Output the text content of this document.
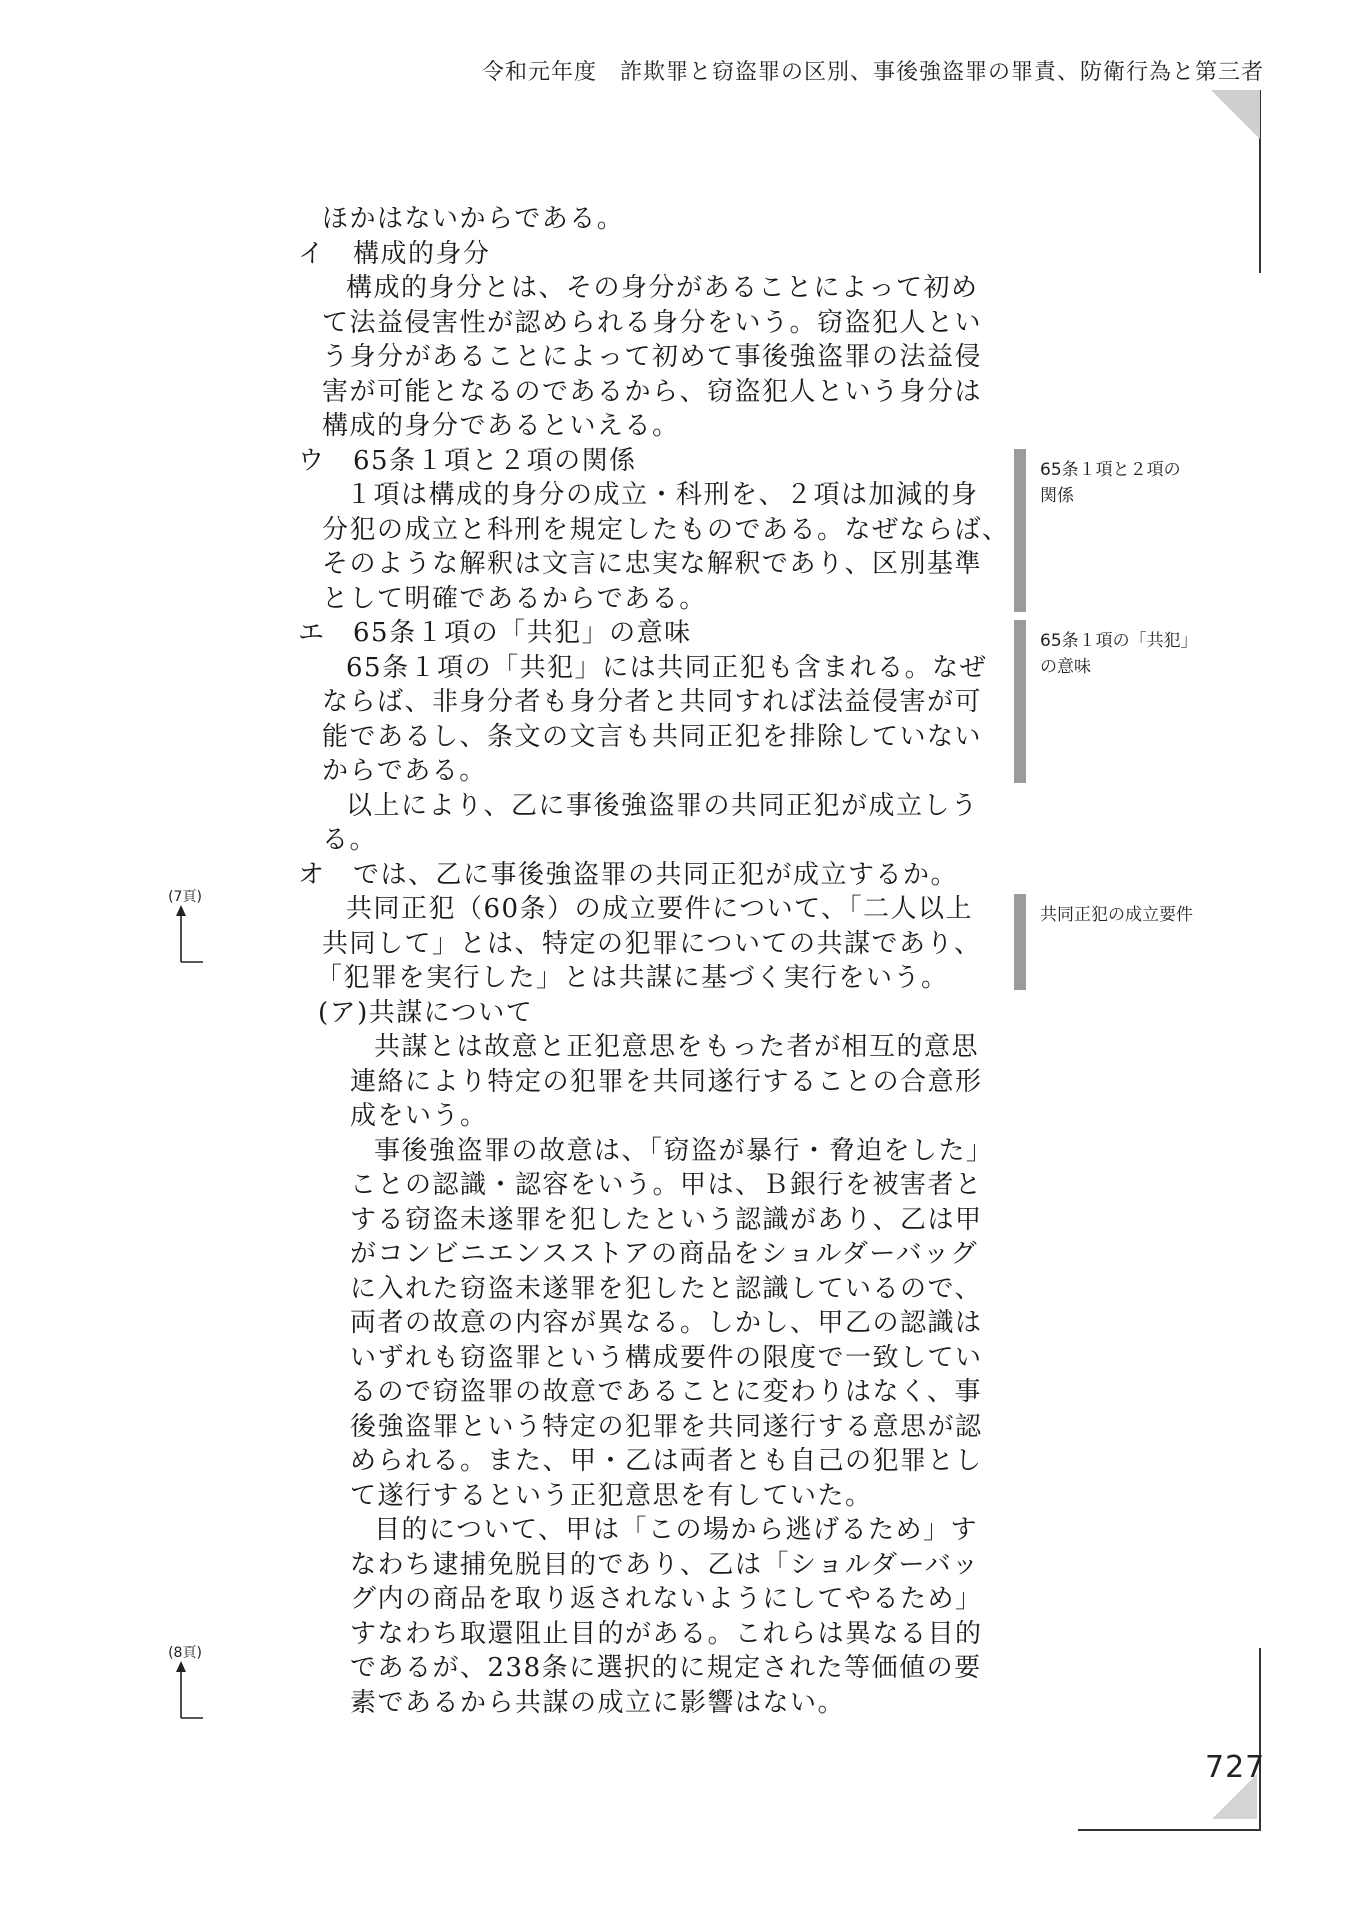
令和元年度　詐欺罪と窃盗罪の区別、事後強盗罪の罪責、防衛行為と第三者
727
ほかはないからである。
イ　構成的身分
構成的身分とは、その身分があることによって初め
て法益侵害性が認められる身分をいう。窃盗犯人とい
う身分があることによって初めて事後強盗罪の法益侵
害が可能となるのであるから、窃盗犯人という身分は
構成的身分であるといえる。
ウ　65条１項と２項の関係
１項は構成的身分の成立・科刑を、２項は加減的身
分犯の成立と科刑を規定したものである。なぜならば、
そのような解釈は文言に忠実な解釈であり、区別基準
として明確であるからである。
エ　65条１項の「共犯」の意味
65条１項の「共犯」には共同正犯も含まれる。なぜ
ならば、非身分者も身分者と共同すれば法益侵害が可
能であるし、条文の文言も共同正犯を排除していない
からである。
以上により、乙に事後強盗罪の共同正犯が成立しう
る。
オ　では、乙に事後強盗罪の共同正犯が成立するか。
共同正犯（60条）の成立要件について、「二人以上
共同して」とは、特定の犯罪についての共謀であり、
「犯罪を実行した」とは共謀に基づく実行をいう。
(ア)共謀について
共謀とは故意と正犯意思をもった者が相互的意思
連絡により特定の犯罪を共同遂行することの合意形
成をいう。
事後強盗罪の故意は、「窃盗が暴行・脅迫をした」
ことの認識・認容をいう。甲は、Ｂ銀行を被害者と
する窃盗未遂罪を犯したという認識があり、乙は甲
がコンビニエンスストアの商品をショルダーバッグ
に入れた窃盗未遂罪を犯したと認識しているので、
両者の故意の内容が異なる。しかし、甲乙の認識は
いずれも窃盗罪という構成要件の限度で一致してい
るので窃盗罪の故意であることに変わりはなく、事
後強盗罪という特定の犯罪を共同遂行する意思が認
められる。また、甲・乙は両者とも自己の犯罪とし
て遂行するという正犯意思を有していた。
目的について、甲は「この場から逃げるため」す
なわち逮捕免脱目的であり、乙は「ショルダーバッ
グ内の商品を取り返されないようにしてやるため」
すなわち取還阻止目的がある。これらは異なる目的
であるが、238条に選択的に規定された等価値の要
素であるから共謀の成立に影響はない。
65条１項と２項の
関係
65条１項の「共犯」
の意味
共同正犯の成立要件
(7頁)
(8頁)
